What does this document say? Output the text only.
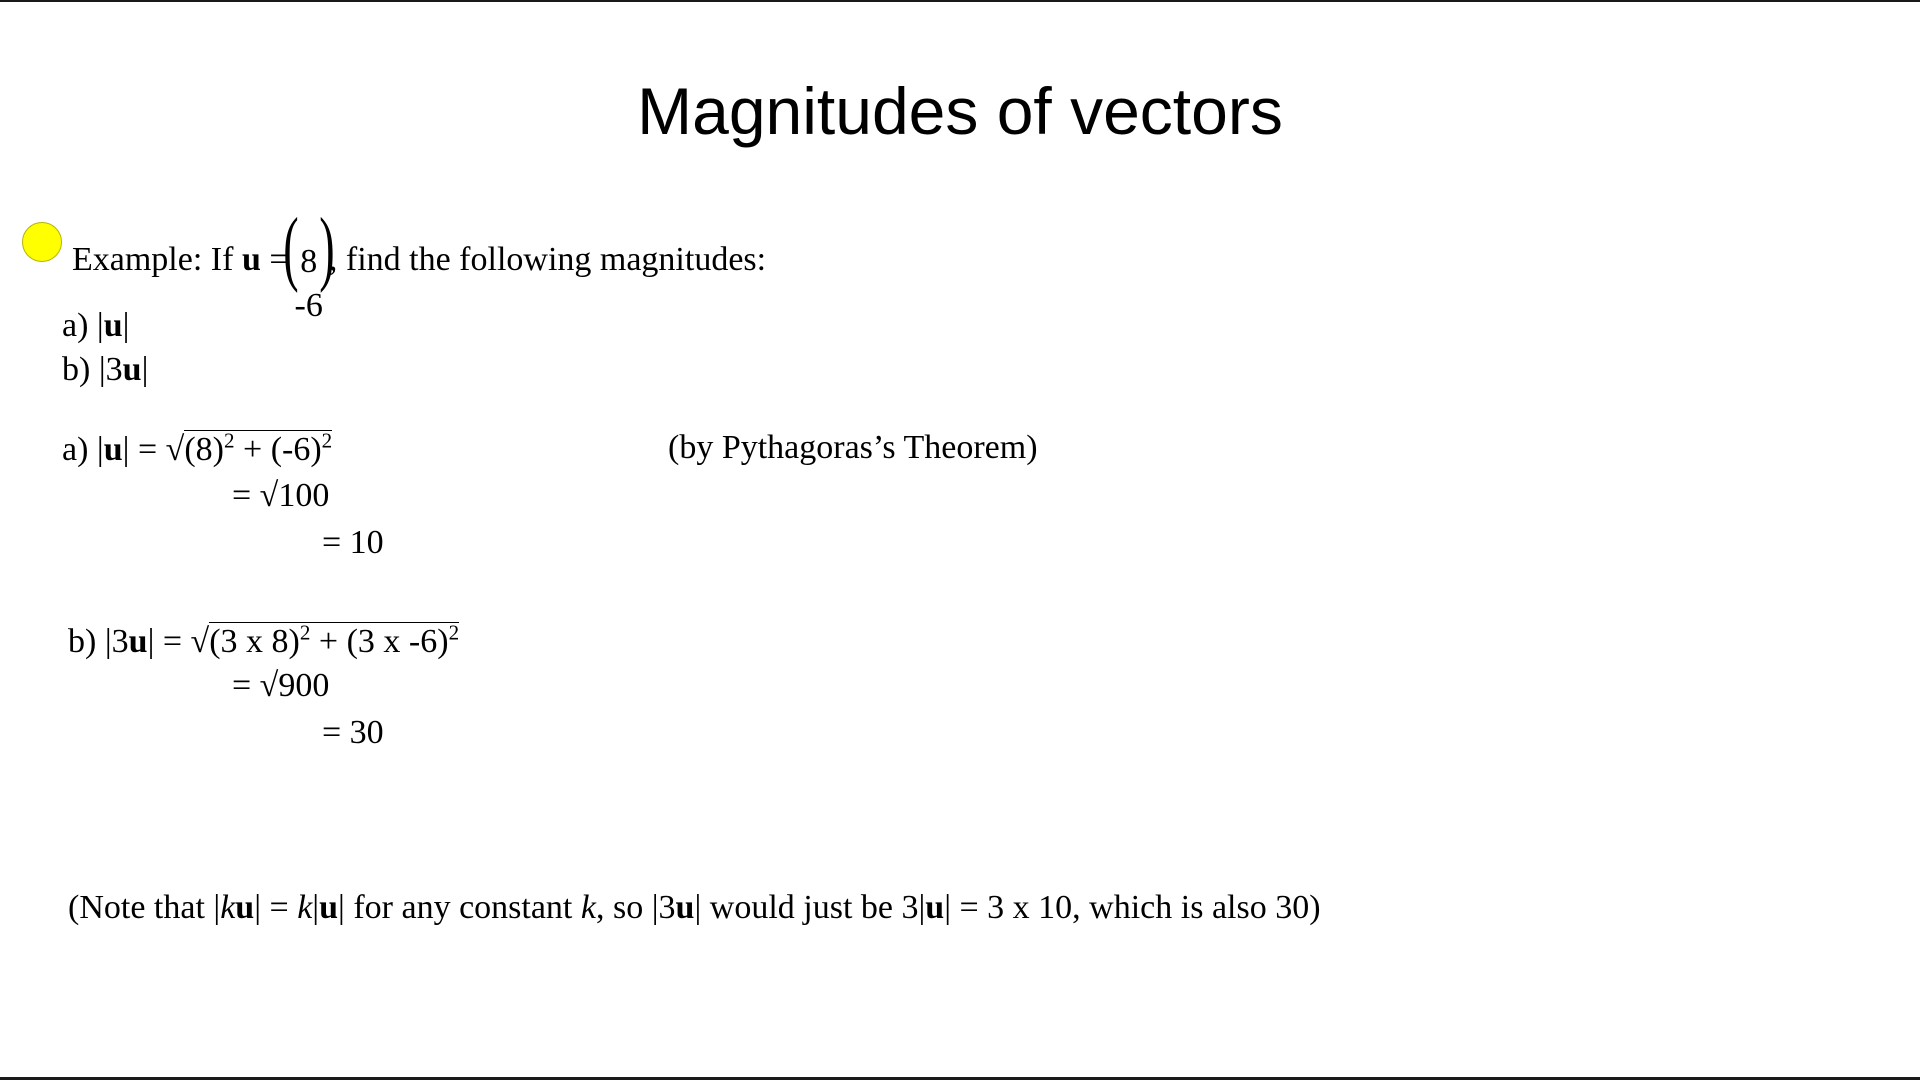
Magnitudes of vectors
Example: If u =
( 8
-6
)
, find the following magnitudes:
a) |u|
b) |3u|
a) $|u| = √(8)^2 + (-6)^2$	(by Pythagoras’s Theorem)
= √100
= 10
b) |3u| = √(3 x 8)$^2$ + (3 x -6)$^2$
= √900
= 30
(Note that |ku| = k|u| for any constant k, so |3u| would just be 3|u| = 3 x 10, which is also 30)
